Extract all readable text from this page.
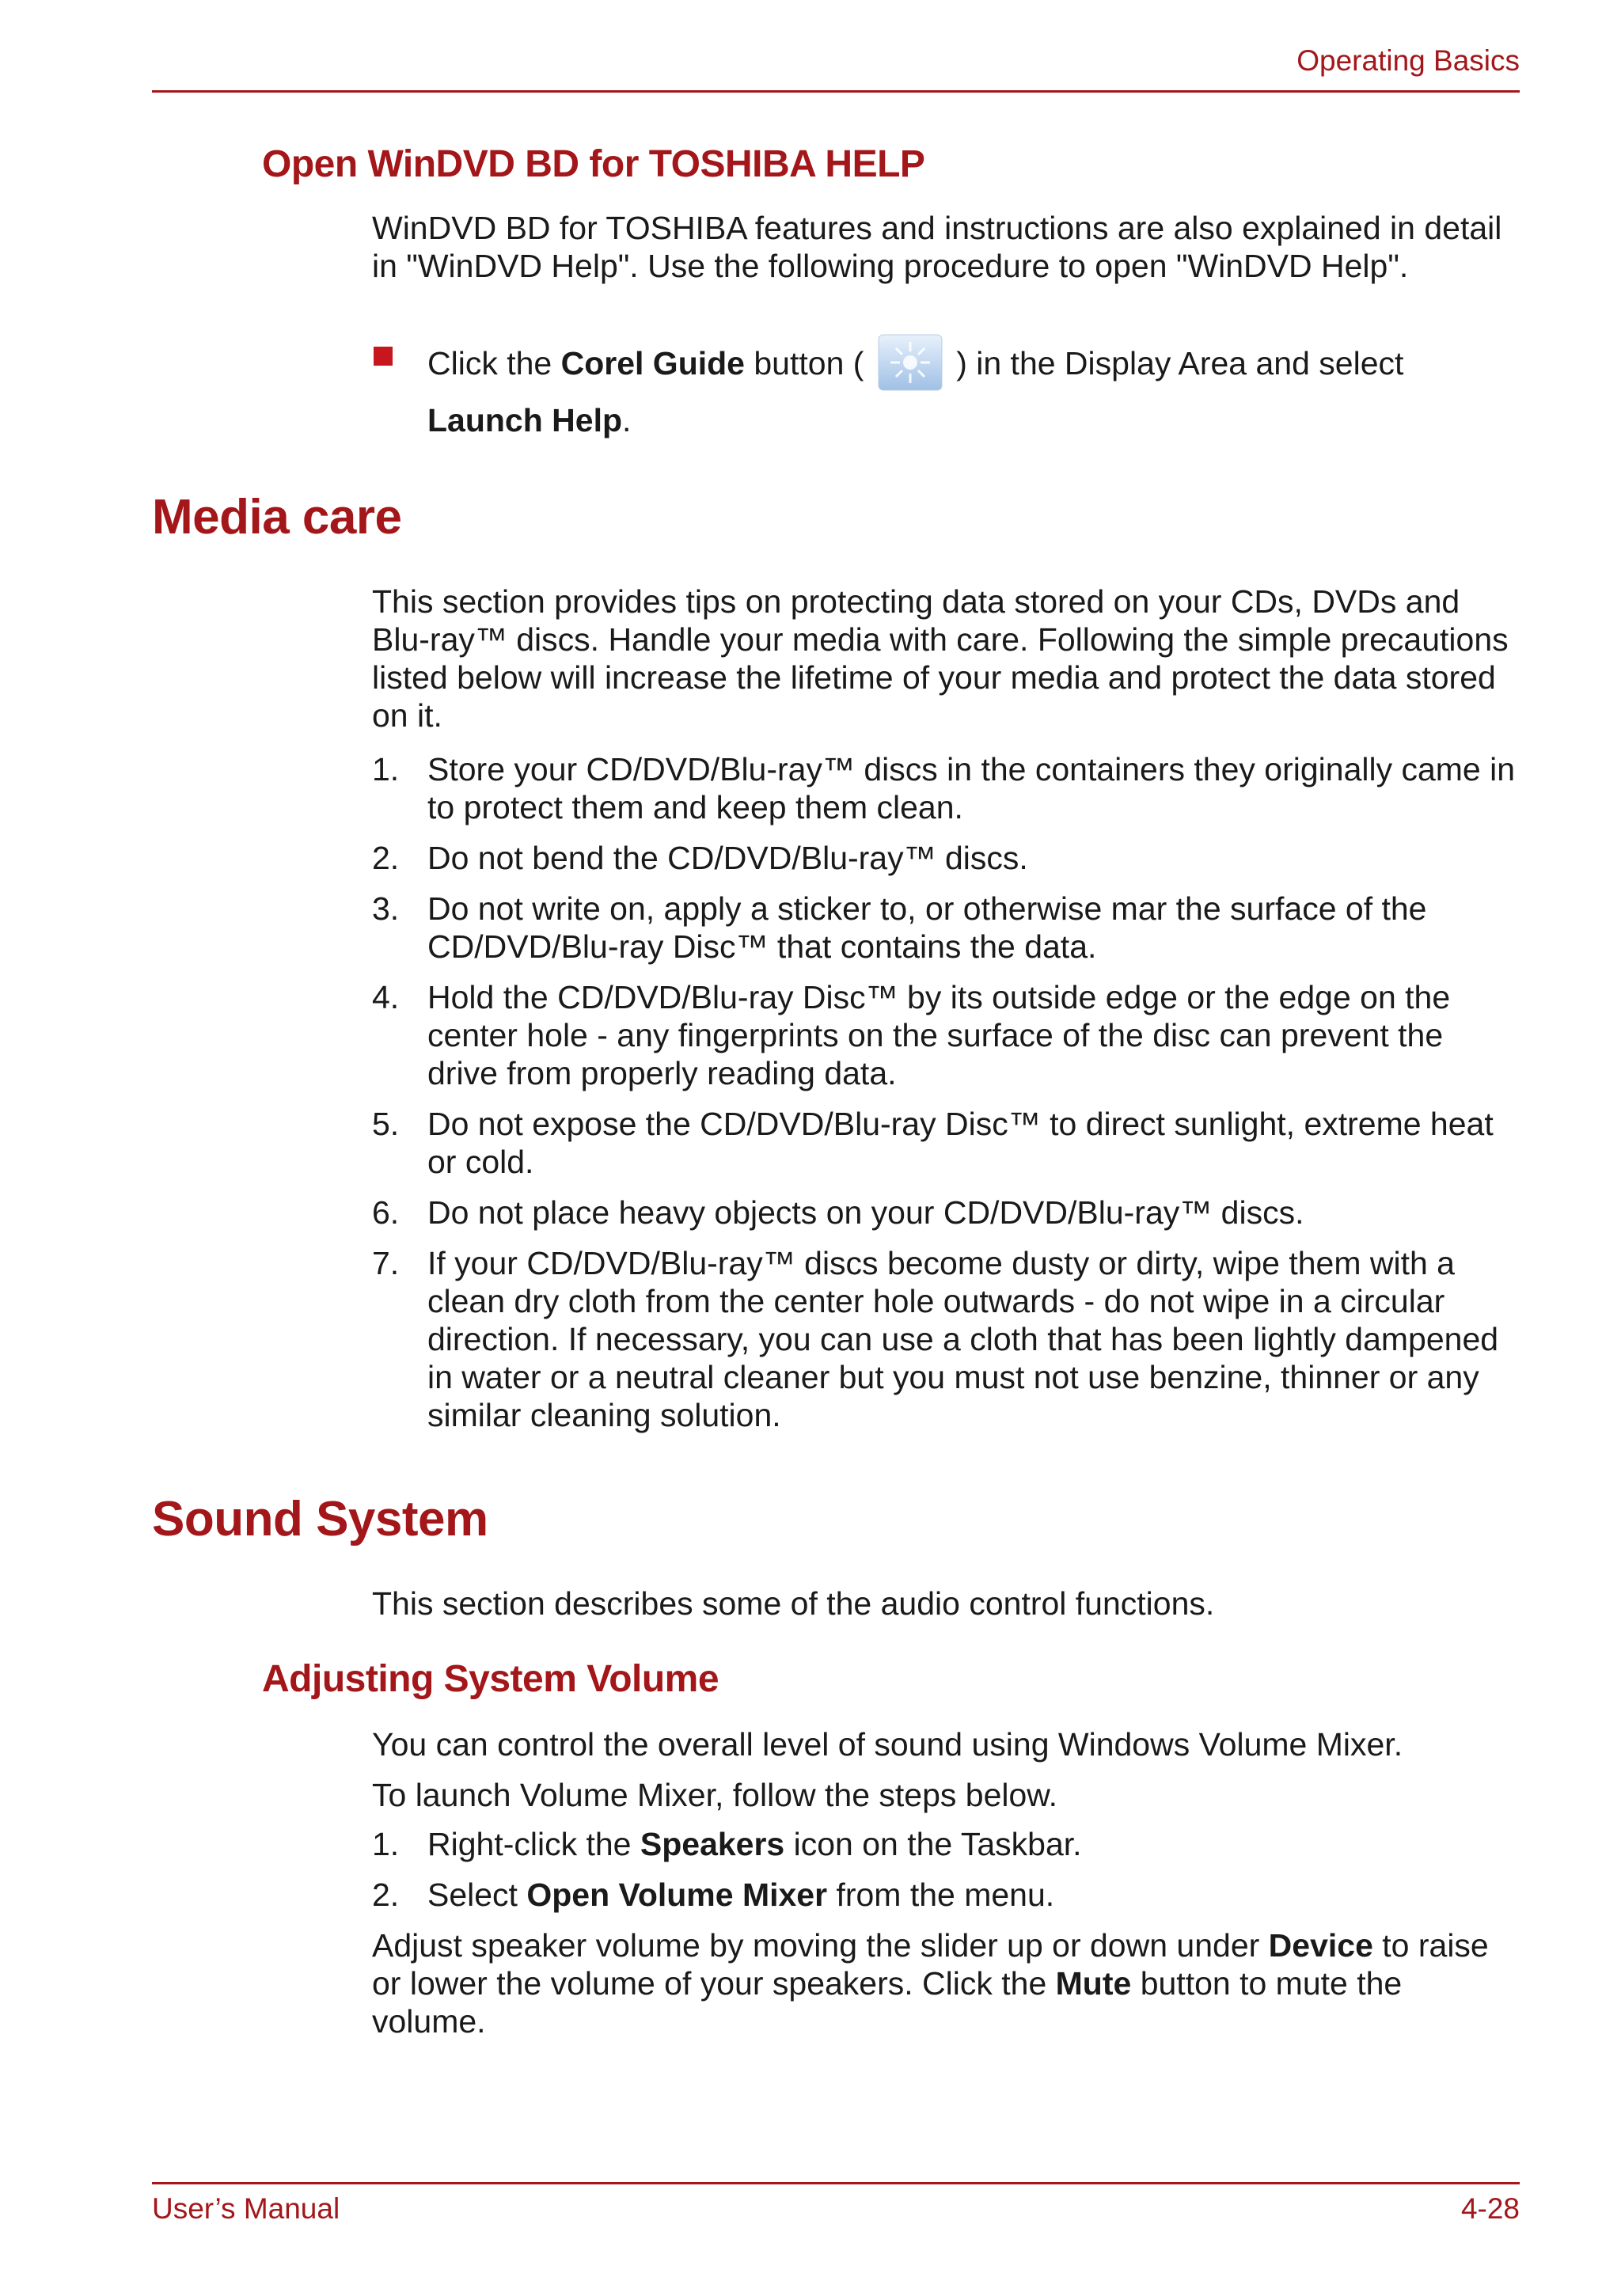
Operating Basics
Open WinDVD BD for TOSHIBA HELP

WinDVD BD for TOSHIBA features and instructions are also explained in detail in "WinDVD Help". Use the following procedure to open "WinDVD Help".

Click the Corel Guide button (  ) in the Display Area and select
Launch Help.
Media care

This section provides tips on protecting data stored on your CDs, DVDs and Blu-ray™ discs. Handle your media with care. Following the simple precautions listed below will increase the lifetime of your media and protect the data stored on it.

1. Store your CD/DVD/Blu-ray™ discs in the containers they originally came in to protect them and keep them clean.
2. Do not bend the CD/DVD/Blu-ray™ discs.
3. Do not write on, apply a sticker to, or otherwise mar the surface of the CD/DVD/Blu-ray Disc™ that contains the data.
4. Hold the CD/DVD/Blu-ray Disc™ by its outside edge or the edge on the center hole - any fingerprints on the surface of the disc can prevent the drive from properly reading data.
5. Do not expose the CD/DVD/Blu-ray Disc™ to direct sunlight, extreme heat or cold.
6. Do not place heavy objects on your CD/DVD/Blu-ray™ discs.
7. If your CD/DVD/Blu-ray™ discs become dusty or dirty, wipe them with a clean dry cloth from the center hole outwards - do not wipe in a circular direction. If necessary, you can use a cloth that has been lightly dampened in water or a neutral cleaner but you must not use benzine, thinner or any similar cleaning solution.
Sound System

This section describes some of the audio control functions.

Adjusting System Volume

You can control the overall level of sound using Windows Volume Mixer.

To launch Volume Mixer, follow the steps below.

1. Right-click the Speakers icon on the Taskbar.
2. Select Open Volume Mixer from the menu.

Adjust speaker volume by moving the slider up or down under Device to raise or lower the volume of your speakers. Click the Mute button to mute the volume.

User’s Manual	4-28
